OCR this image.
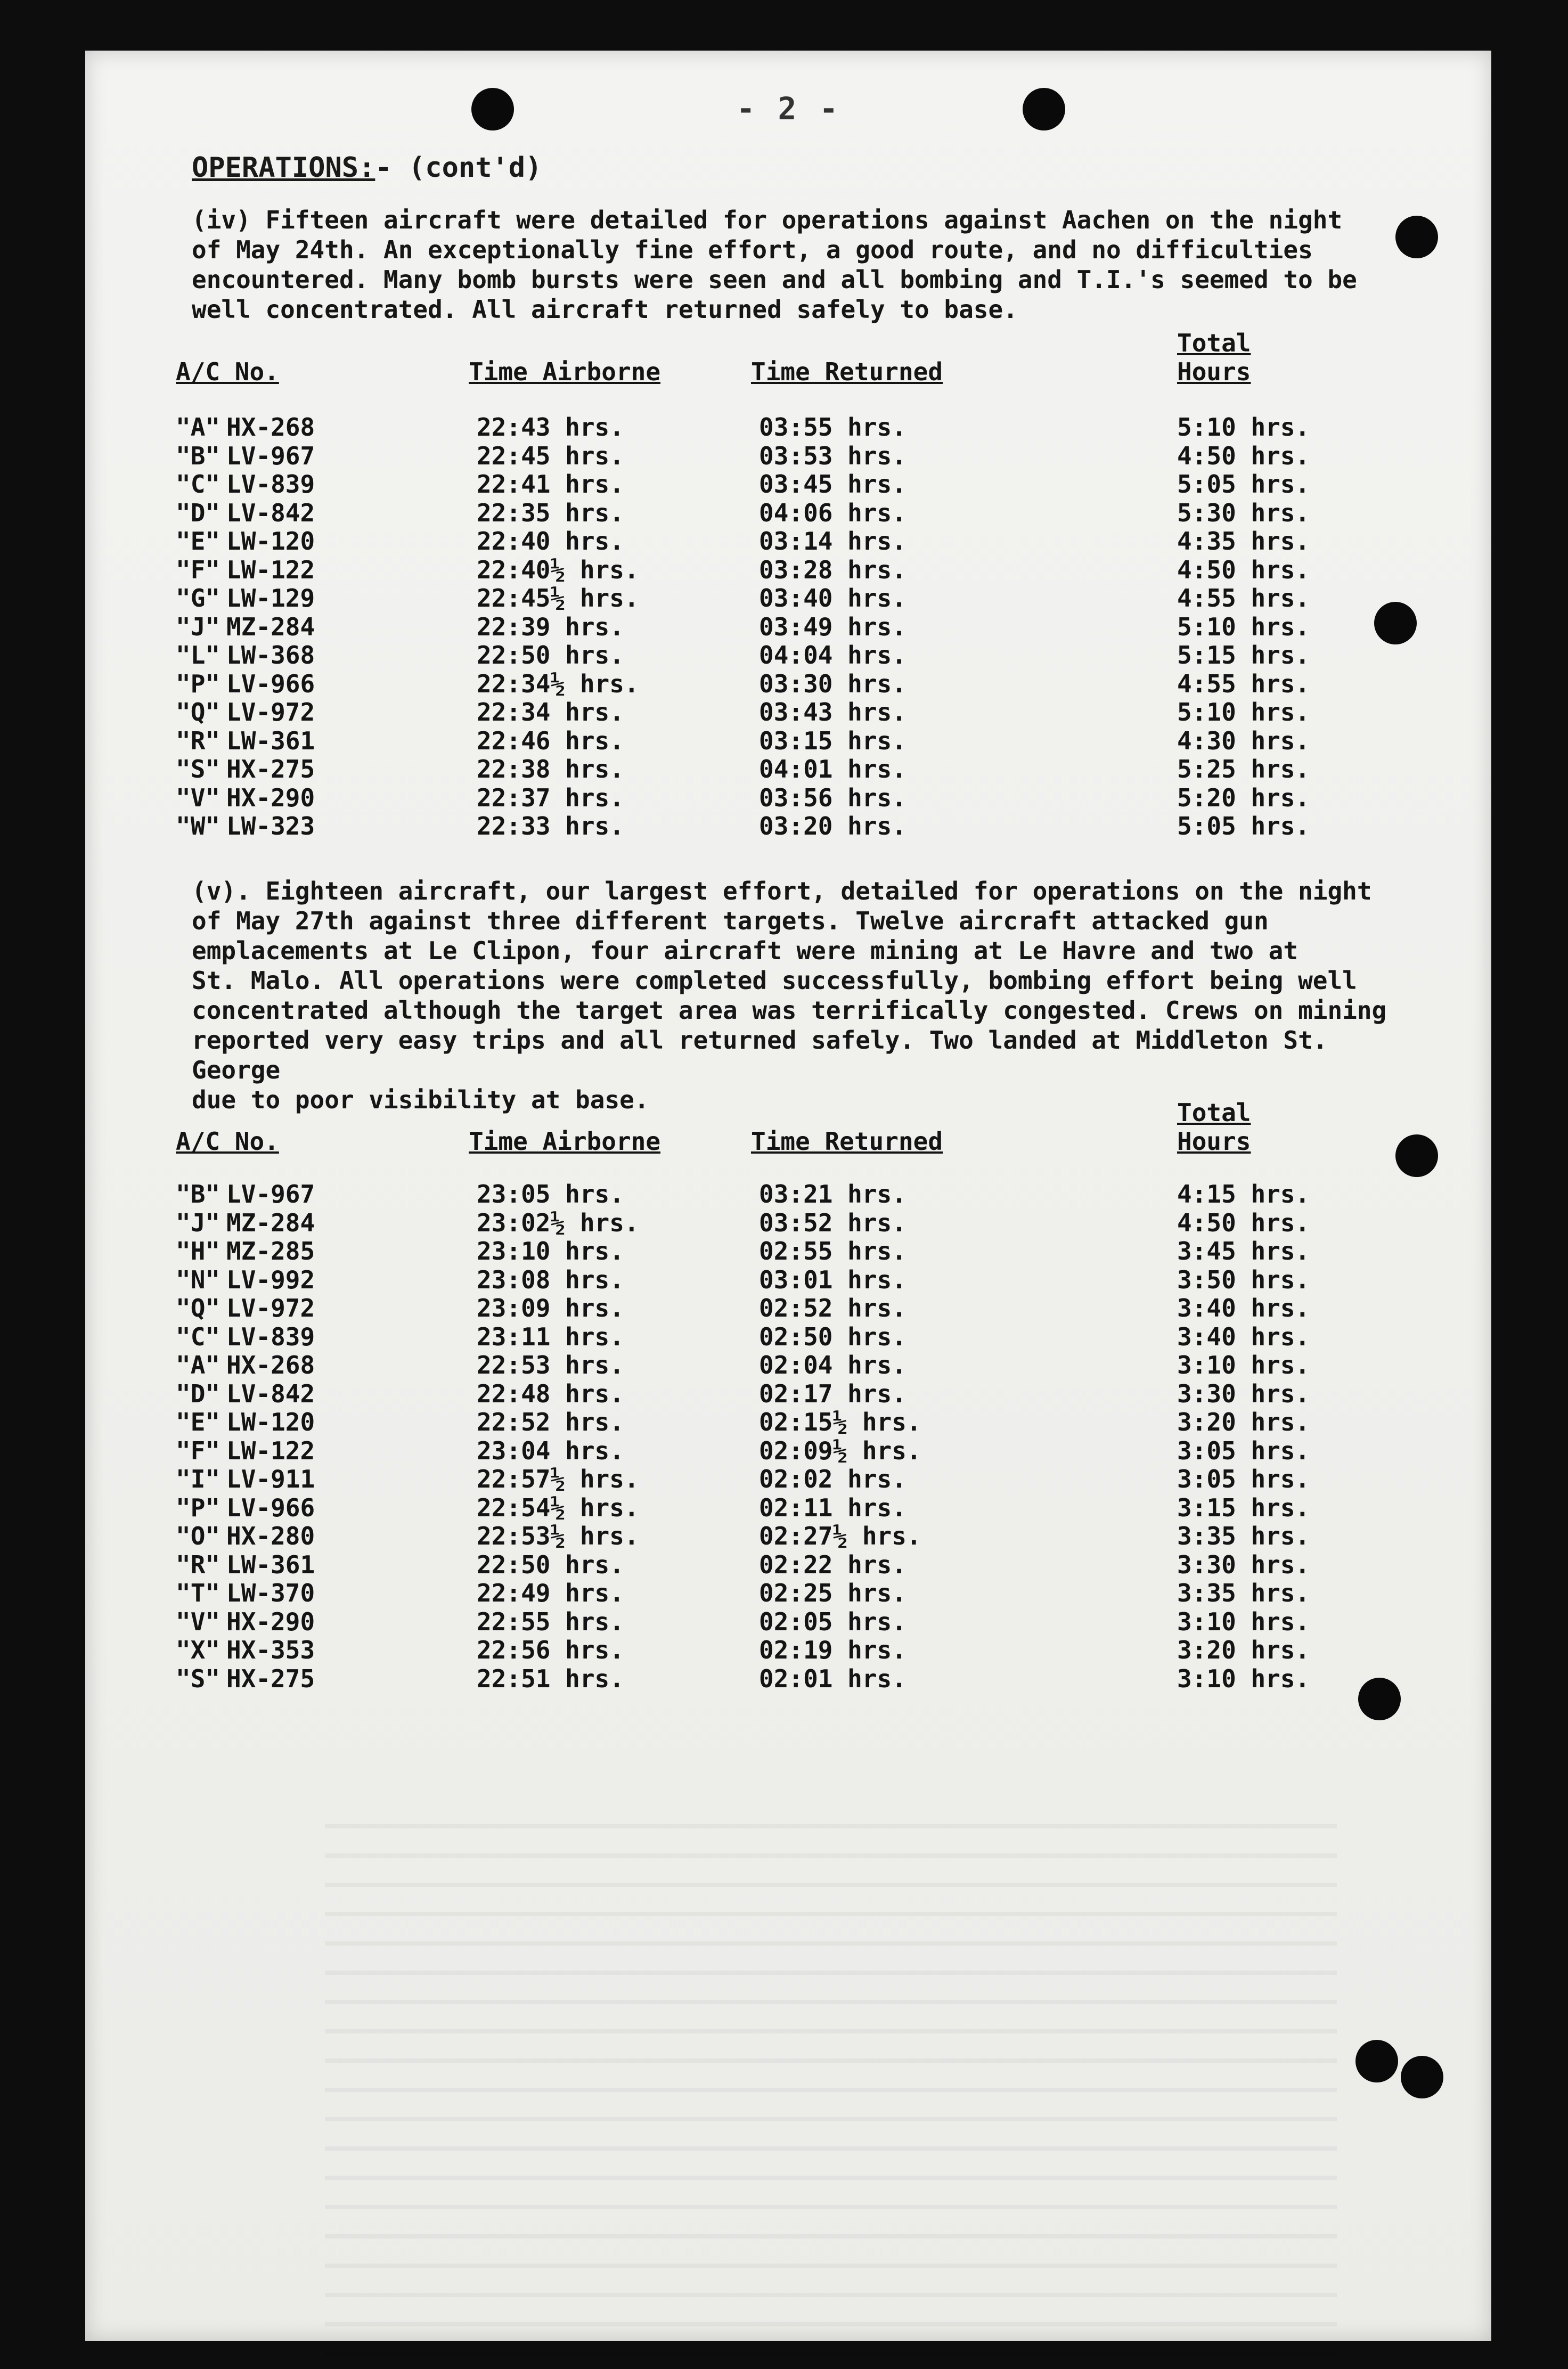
- 2 -
OPERATIONS:- (cont'd)

(iv) Fifteen aircraft were detailed for operations against Aachen on the night
of May 24th. An exceptionally fine effort, a good route, and no difficulties
encountered. Many bomb bursts were seen and all bombing and T.I.'s seemed to be
well concentrated. All aircraft returned safely to base.

A/C No.	Time Airborne	Time Returned
Total
Hours
"A" HX-268	22:43 hrs.	03:55 hrs.	5:10 hrs.
"B" LV-967	22:45 hrs.	03:53 hrs.	4:50 hrs.
"C" LV-839	22:41 hrs.	03:45 hrs.	5:05 hrs.
"D" LV-842	22:35 hrs.	04:06 hrs.	5:30 hrs.
"E" LW-120	22:40 hrs.	03:14 hrs.	4:35 hrs.
"F" LW-122	22:40½ hrs.	03:28 hrs.	4:50 hrs.
"G" LW-129	22:45½ hrs.	03:40 hrs.	4:55 hrs.
"J" MZ-284	22:39 hrs.	03:49 hrs.	5:10 hrs.
"L" LW-368	22:50 hrs.	04:04 hrs.	5:15 hrs.
"P" LV-966	22:34½ hrs.	03:30 hrs.	4:55 hrs.
"Q" LV-972	22:34 hrs.	03:43 hrs.	5:10 hrs.
"R" LW-361	22:46 hrs.	03:15 hrs.	4:30 hrs.
"S" HX-275	22:38 hrs.	04:01 hrs.	5:25 hrs.
"V" HX-290	22:37 hrs.	03:56 hrs.	5:20 hrs.
"W" LW-323	22:33 hrs.	03:20 hrs.	5:05 hrs.

(v). Eighteen aircraft, our largest effort, detailed for operations on the night
of May 27th against three different targets. Twelve aircraft attacked gun
emplacements at Le Clipon, four aircraft were mining at Le Havre and two at
St. Malo. All operations were completed successfully, bombing effort being well
concentrated although the target area was terrifically congested. Crews on mining
reported very easy trips and all returned safely. Two landed at Middleton St. George
due to poor visibility at base.

A/C No.	Time Airborne	Time Returned
Total
Hours
"B" LV-967	23:05 hrs.	03:21 hrs.	4:15 hrs.
"J" MZ-284	23:02½ hrs.	03:52 hrs.	4:50 hrs.
"H" MZ-285	23:10 hrs.	02:55 hrs.	3:45 hrs.
"N" LV-992	23:08 hrs.	03:01 hrs.	3:50 hrs.
"Q" LV-972	23:09 hrs.	02:52 hrs.	3:40 hrs.
"C" LV-839	23:11 hrs.	02:50 hrs.	3:40 hrs.
"A" HX-268	22:53 hrs.	02:04 hrs.	3:10 hrs.
"D" LV-842	22:48 hrs.	02:17 hrs.	3:30 hrs.
"E" LW-120	22:52 hrs.	02:15½ hrs.	3:20 hrs.
"F" LW-122	23:04 hrs.	02:09½ hrs.	3:05 hrs.
"I" LV-911	22:57½ hrs.	02:02 hrs.	3:05 hrs.
"P" LV-966	22:54½ hrs.	02:11 hrs.	3:15 hrs.
"O" HX-280	22:53½ hrs.	02:27½ hrs.	3:35 hrs.
"R" LW-361	22:50 hrs.	02:22 hrs.	3:30 hrs.
"T" LW-370	22:49 hrs.	02:25 hrs.	3:35 hrs.
"V" HX-290	22:55 hrs.	02:05 hrs.	3:10 hrs.
"X" HX-353	22:56 hrs.	02:19 hrs.	3:20 hrs.
"S" HX-275	22:51 hrs.	02:01 hrs.	3:10 hrs.
